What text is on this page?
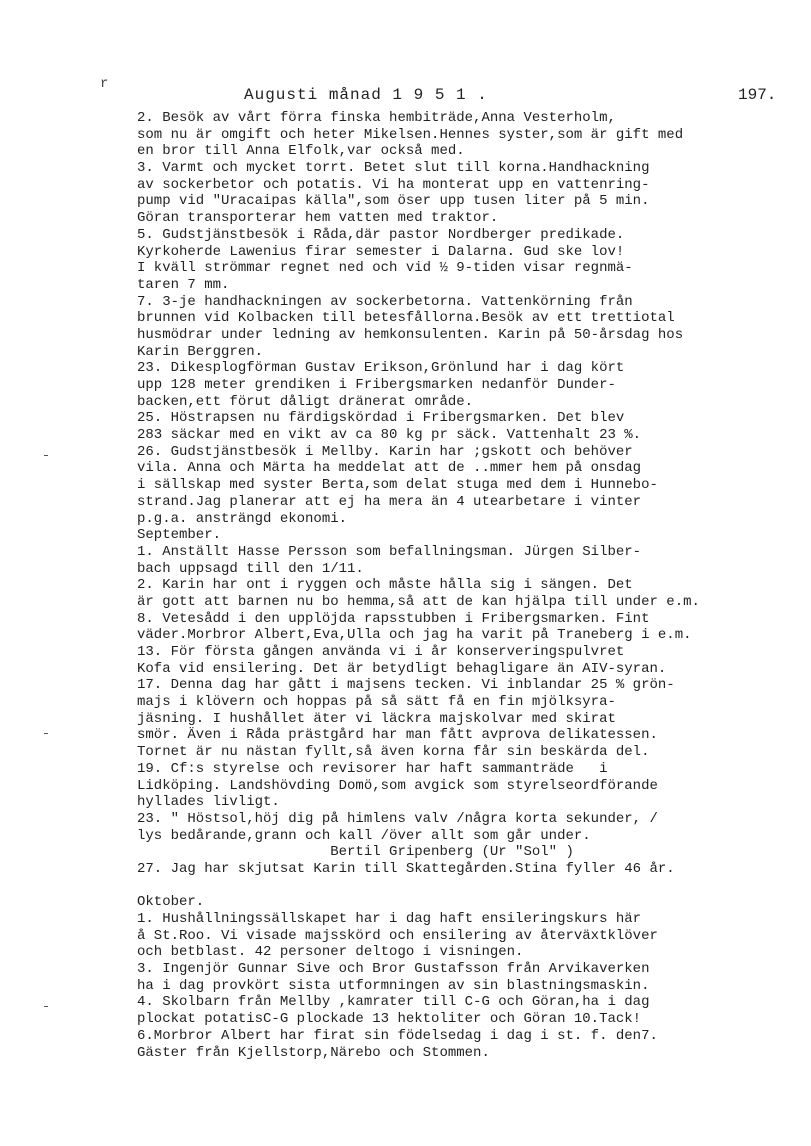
r
Augusti månad 1 9 5 1 .	197.
2. Besök av vårt förra finska hembiträde,Anna Vesterholm,
som nu är omgift och heter Mikelsen.Hennes syster,som är gift med
en bror till Anna Elfolk,var också med.
3. Varmt och mycket torrt. Betet slut till korna.Handhackning
av sockerbetor och potatis. Vi ha monterat upp en vattenring-
pump vid "Uracaipas källa",som öser upp tusen liter på 5 min.
Göran transporterar hem vatten med traktor.
5. Gudstjänstbesök i Råda,där pastor Nordberger predikade.
Kyrkoherde Lawenius firar semester i Dalarna. Gud ske lov!
I kväll strömmar regnet ned och vid ½ 9-tiden visar regnmä-
taren 7 mm.
7. 3-je handhackningen av sockerbetorna. Vattenkörning från
brunnen vid Kolbacken till betesfållorna.Besök av ett trettiotal
husmödrar under ledning av hemkonsulenten. Karin på 50-årsdag hos
Karin Berggren.
23. Dikesplogförman Gustav Erikson,Grönlund har i dag kört
upp 128 meter grendiken i Fribergsmarken nedanför Dunder-
backen,ett förut dåligt dränerat område.
25. Höstrapsen nu färdigskördad i Fribergsmarken. Det blev
283 säckar med en vikt av ca 80 kg pr säck. Vattenhalt 23 %.
26. Gudstjänstbesök i Mellby. Karin har ;gskott och behöver
vila. Anna och Märta ha meddelat att de ..mmer hem på onsdag
i sällskap med syster Berta,som delat stuga med dem i Hunnebo-
strand.Jag planerar att ej ha mera än 4 utearbetare i vinter
p.g.a. ansträngd ekonomi.
September.
1. Anställt Hasse Persson som befallningsman. Jürgen Silber-
bach uppsagd till den 1/11.
2. Karin har ont i ryggen och måste hålla sig i sängen. Det
är gott att barnen nu bo hemma,så att de kan hjälpa till under e.m.
8. Vetesådd i den upplöjda rapsstubben i Fribergsmarken. Fint
väder.Morbror Albert,Eva,Ulla och jag ha varit på Traneberg i e.m.
13. För första gången använda vi i år konserveringspulvret
Kofa vid ensilering. Det är betydligt behagligare än AIV-syran.
17. Denna dag har gått i majsens tecken. Vi inblandar 25 % grön-
majs i klövern och hoppas på så sätt få en fin mjölksyra-
jäsning. I hushållet äter vi läckra majskolvar med skirat
smör. Även i Råda prästgård har man fått avprova delikatessen.
Tornet är nu nästan fyllt,så även korna får sin beskärda del.
19. Cf:s styrelse och revisorer har haft sammanträde   i
Lidköping. Landshövding Domö,som avgick som styrelseordförande
hyllades livligt.
23. " Höstsol,höj dig på himlens valv /några korta sekunder, /
lys bedårande,grann och kall /över allt som går under.
Bertil Gripenberg (Ur "Sol" )
27. Jag har skjutsat Karin till Skattegården.Stina fyller 46 år.
Oktober.
1. Hushållningssällskapet har i dag haft ensileringskurs här
å St.Roo. Vi visade majsskörd och ensilering av återväxtklöver
och betblast. 42 personer deltogo i visningen.
3. Ingenjör Gunnar Sive och Bror Gustafsson från Arvikaverken
ha i dag provkört sista utformningen av sin blastningsmaskin.
4. Skolbarn från Mellby ,kamrater till C-G och Göran,ha i dag
plockat potatisC-G plockade 13 hektoliter och Göran 10.Tack!
6.Morbror Albert har firat sin födelsedag i dag i st. f. den7.
Gäster från Kjellstorp,Närebo och Stommen.
